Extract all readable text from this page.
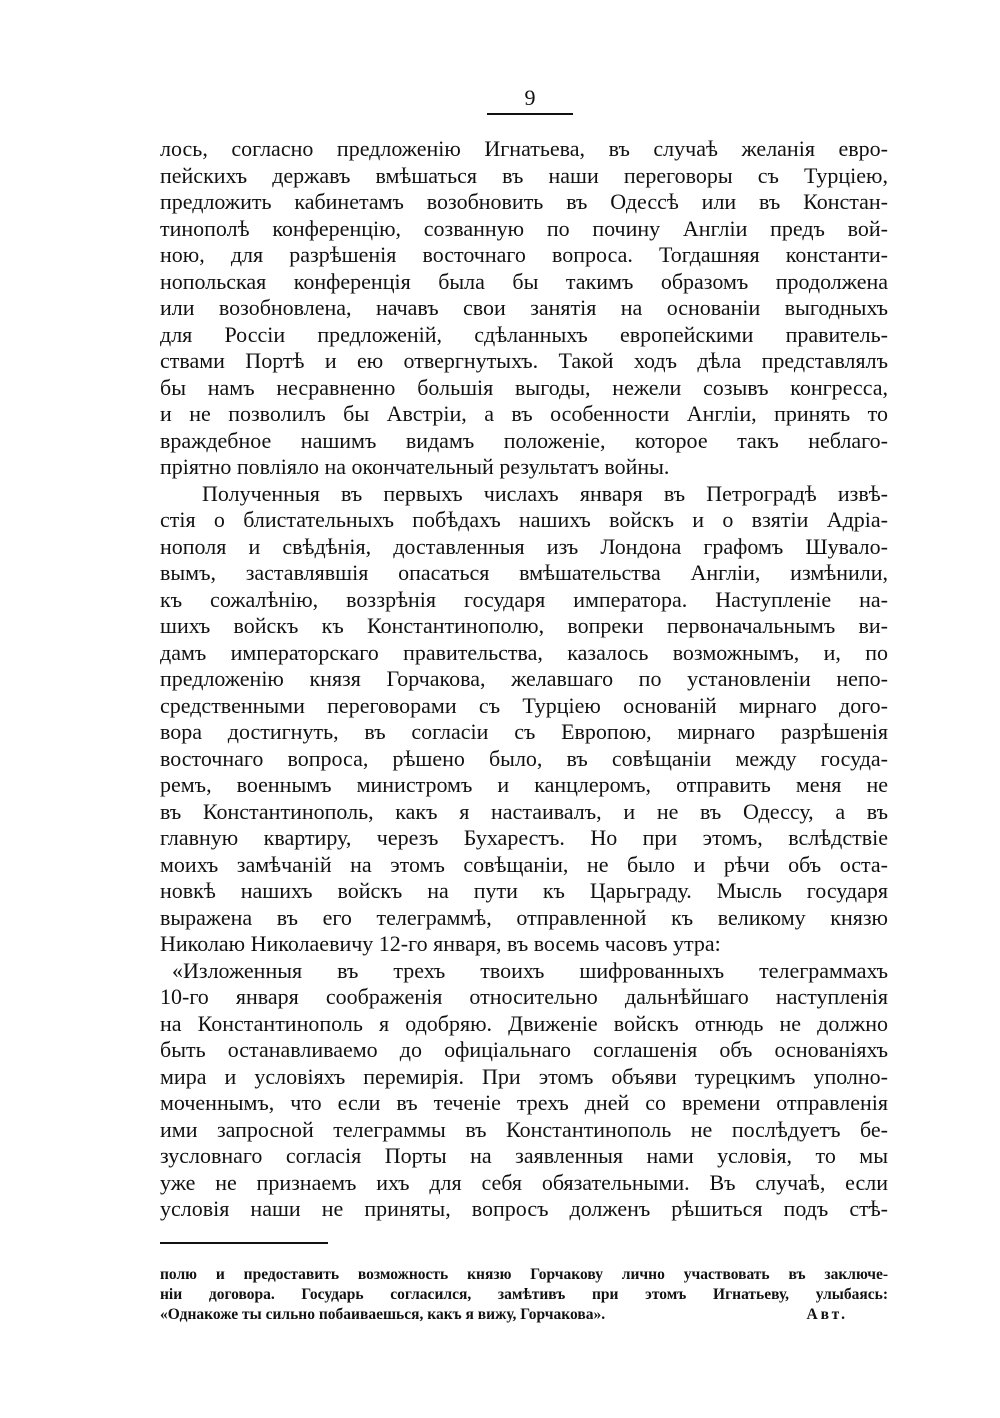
9
лось, согласно предложенію Игнатьева, въ случаѣ желанія евро-
пейскихъ державъ вмѣшаться въ наши переговоры съ Турціею,
предложить кабинетамъ возобновить въ Одессѣ или въ Констан-
тинополѣ конференцію, созванную по почину Англіи предъ вой-
ною, для разрѣшенія восточнаго вопроса. Тогдашняя константи-
нопольская конференція была бы такимъ образомъ продолжена
или возобновлена, начавъ свои занятія на основаніи выгодныхъ
для Россіи предложеній, сдѣланныхъ европейскими правитель-
ствами Портѣ и ею отвергнутыхъ. Такой ходъ дѣла представлялъ
бы намъ несравненно большія выгоды, нежели созывъ конгресса,
и не позволилъ бы Австріи, а въ особенности Англіи, принять то
враждебное нашимъ видамъ положеніе, которое такъ неблаго-
пріятно повліяло на окончательный результатъ войны.
Полученныя въ первыхъ числахъ января въ Петроградѣ извѣ-
стія о блистательныхъ побѣдахъ нашихъ войскъ и о взятіи Адріа-
нополя и свѣдѣнія, доставленныя изъ Лондона графомъ Шувало-
вымъ, заставлявшія опасаться вмѣшательства Англіи, измѣнили,
къ сожалѣнію, воззрѣнія государя императора. Наступленіе на-
шихъ войскъ къ Константинополю, вопреки первоначальнымъ ви-
дамъ императорскаго правительства, казалось возможнымъ, и, по
предложенію князя Горчакова, желавшаго по установленіи непо-
средственными переговорами съ Турціею основаній мирнаго дого-
вора достигнуть, въ согласіи съ Европою, мирнаго разрѣшенія
восточнаго вопроса, рѣшено было, въ совѣщаніи между госуда-
ремъ, военнымъ министромъ и канцлеромъ, отправить меня не
въ Константинополь, какъ я настаивалъ, и не въ Одессу, а въ
главную квартиру, черезъ Бухарестъ. Но при этомъ, вслѣдствіе
моихъ замѣчаній на этомъ совѣщаніи, не было и рѣчи объ оста-
новкѣ нашихъ войскъ на пути къ Царьграду. Мысль государя
выражена въ его телеграммѣ, отправленной къ великому князю
Николаю Николаевичу 12-го января, въ восемь часовъ утра:
«Изложенныя въ трехъ твоихъ шифрованныхъ телеграммахъ
10-го января соображенія относительно дальнѣйшаго наступленія
на Константинополь я одобряю. Движеніе войскъ отнюдь не должно
быть останавливаемо до офиціальнаго соглашенія объ основаніяхъ
мира и условіяхъ перемирія. При этомъ объяви турецкимъ уполно-
моченнымъ, что если въ теченіе трехъ дней со времени отправленія
ими запросной телеграммы въ Константинополь не послѣдуетъ бе-
зусловнаго согласія Порты на заявленныя нами условія, то мы
уже не признаемъ ихъ для себя обязательными. Въ случаѣ, если
условія наши не приняты, вопросъ долженъ рѣшиться подъ стѣ-
полю и предоставить возможность князю Горчакову лично участвовать въ заключе-
ніи договора. Государь согласился, замѣтивъ при этомъ Игнатьеву, улыбаясь:
«Однакоже ты сильно побаиваешься, какъ я вижу, Горчакова».	Авт.
